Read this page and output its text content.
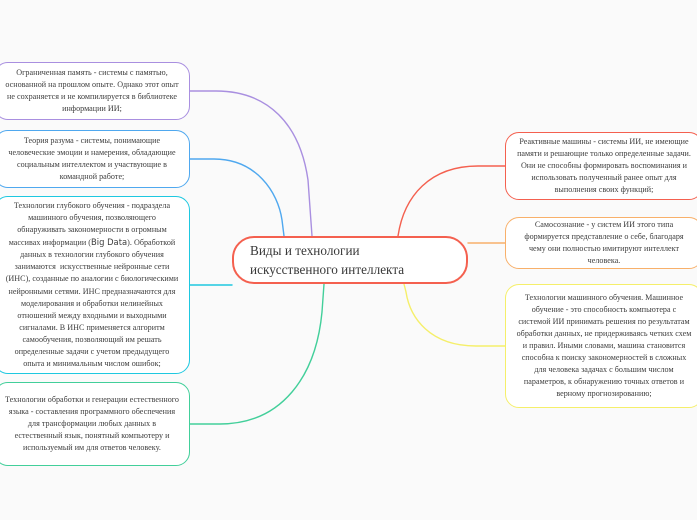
Ограниченная память - системы с памятью, основанной на прошлом опыте. Однако этот опыт не сохраняется и не компилируется в библиотеке информации ИИ;
Теория разума - системы, понимающие человеческие эмоции и намерения, обладающие социальным интеллектом и участвующие в командной работе;
Технологии глубокого обучения - подраздела машинного обучения, позволяющего обнаруживать закономерности в огромным массивах информации (Big Data). Обработкой данных в технологии глубокого обучения занимаются  искусственные нейронные сети (ИНС), созданные по аналогии с биологическими нейронными сетями. ИНС предназначаются для моделирования и обработки нелинейных отношений между входными и выходными сигналами. В ИНС применяется алгоритм самообучения, позволяющий им решать определенные задачи с учетом предыдущего опыта и минимальным числом ошибок;
Технологии обработки и генерации естественного языка - составления программного обеспечения для трансформации любых данных в естественный язык, понятный компьютеру и используемый им для ответов человеку.
Виды и технологии искусственного интеллекта
Реактивные машины - системы ИИ, не имеющие памяти и решающие только определенные задачи. Они не способны формировать воспоминания и использовать полученный ранее опыт для выполнения своих функций;
Самосознание - у систем ИИ этого типа формируется представление о себе, благодаря чему они полностью имитируют интеллект человека.
Технологии машинного обучения. Машинное обучение - это способность компьютера с системой ИИ принимать решения по результатам обработки данных, не придерживаясь четких схем и правил. Иными словами, машина становится способна к поиску закономерностей в сложных для человека задачах с большим числом параметров, к обнаружению точных ответов и верному прогнозированию;
